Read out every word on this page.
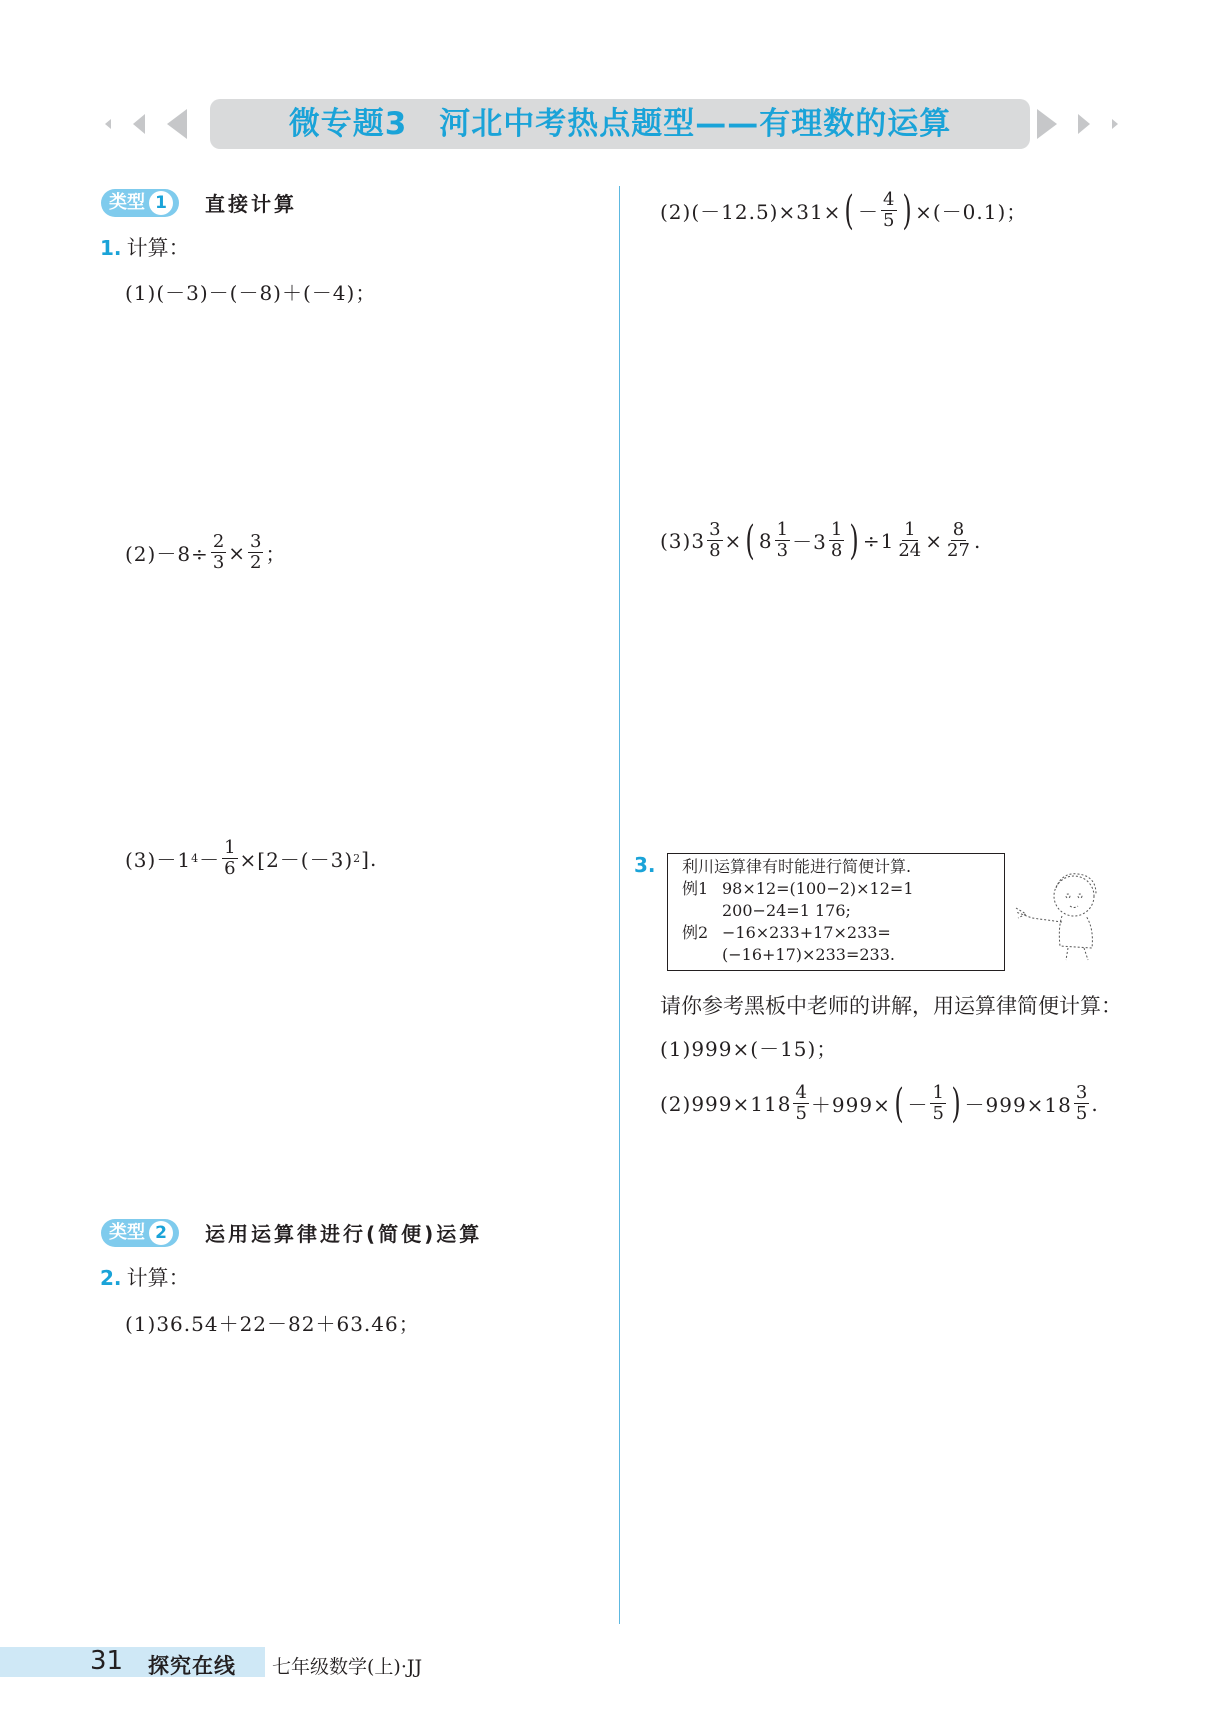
微专题3　河北中考热点题型——有理数的运算
类型 1	直接计算
1. 计算：
(1)(－3)－(－8)＋(－4)；
$(2)-8\div \frac{2}{3} \times \frac{3}{2}$ ；
(3)－1 $4 - \frac{1}{6} \times[2-(-3)$ 2 ].
类型 2	运用运算律进行(简便)运算
2. 计算：
(1)36.54＋22－82＋63.46；
(2)(－12.5)×31× ( － $\frac{4}{5}$ ) ×(－0.1)；
$(3)3 \frac{3}{8}$ × ( $8 \frac{1}{3} -3 \frac{1}{8}$ ) $\div 1 \frac{1}{24} \times \frac{8}{27}$ .
3. 利川运算律有时能进行简便计算.
例1 98×12=(100−2)×12=1 200−24=1 176;
例2 −16×233+17×233=(−16+17)×233=233.
请你参考黑板中老师的讲解，用运算律简便计算：
(1)999×(－15)；
$(2)999\times 118 \frac{4}{5} +999\times$ ( － $\frac{1}{5}$ ) $-999\times 18 \frac{3}{5}$ .
31 探究在线 七年级数学(上)·JJ
